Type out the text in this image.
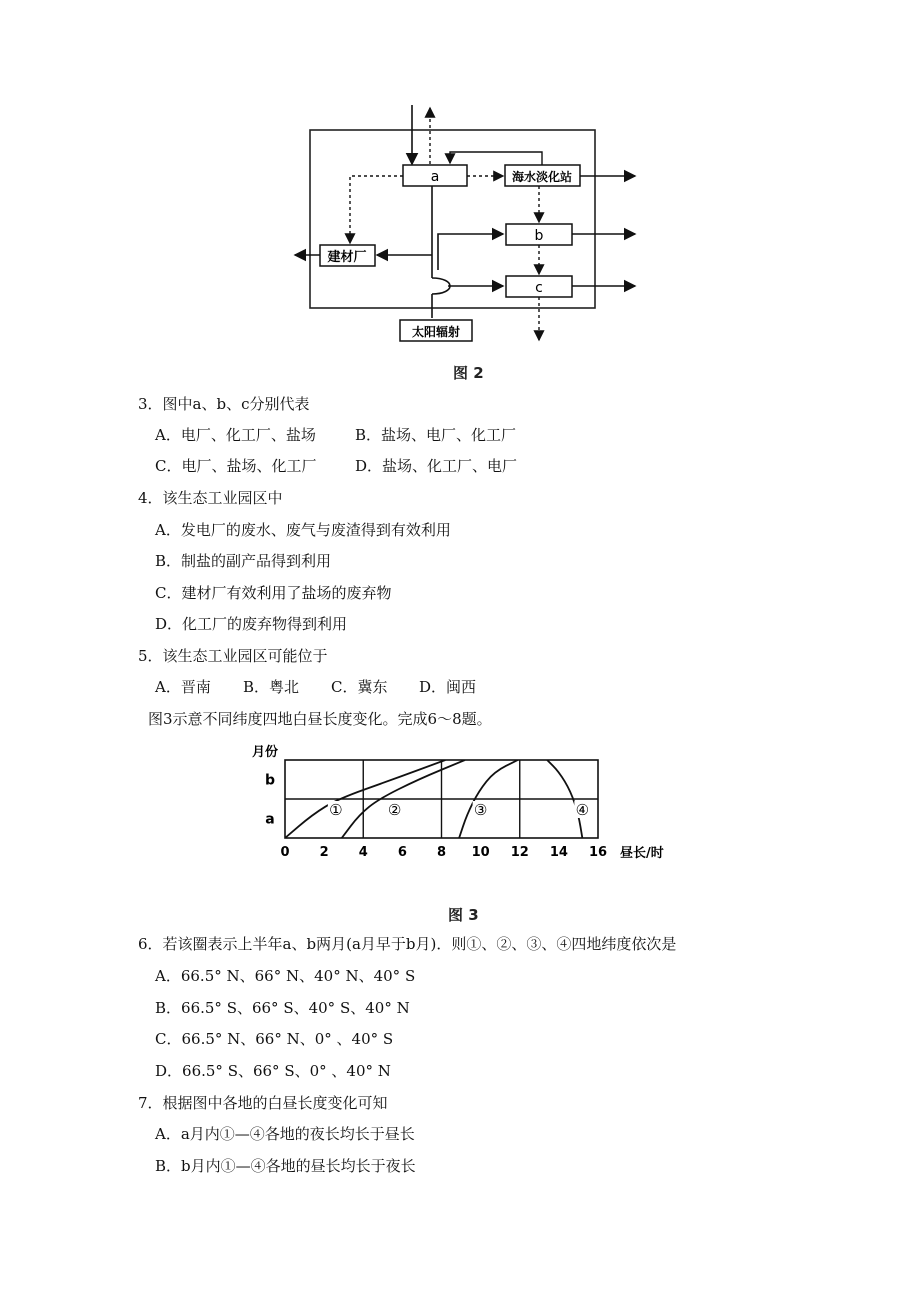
a	海水淡化站
建材厂
b
c
太阳辐射
图 2
3．图中a、b、c分别代表
A．电厂、化工厂、盐场	B．盐场、电厂、化工厂
C．电厂、盐场、化工厂	D．盐场、化工厂、电厂
4．该生态工业园区中
A．发电厂的废水、废气与废渣得到有效利用
B．制盐的副产品得到利用
C．建材厂有效利用了盐场的废弃物
D．化工厂的废弃物得到利用
5．该生态工业园区可能位于
A．晋南 B．粤北 C．冀东 D．闽西
图3示意不同纬度四地白昼长度变化。完成6～8题。
月份
①	②	③	④
0 2 4 6 8 10 12 14 16
a
b
昼长/时
图 3
6．若该圈表示上半年a、b两月(a月早于b月)．则①、②、③、④四地纬度依次是
A．66.5° N、66° N、40° N、40° S
B．66.5° S、66° S、40° S、40° N
C．66.5° N、66° N、0° 、40° S
D．66.5° S、66° S、0° 、40° N
7．根据图中各地的白昼长度变化可知
A．a月内①—④各地的夜长均长于昼长
B．b月内①—④各地的昼长均长于夜长
